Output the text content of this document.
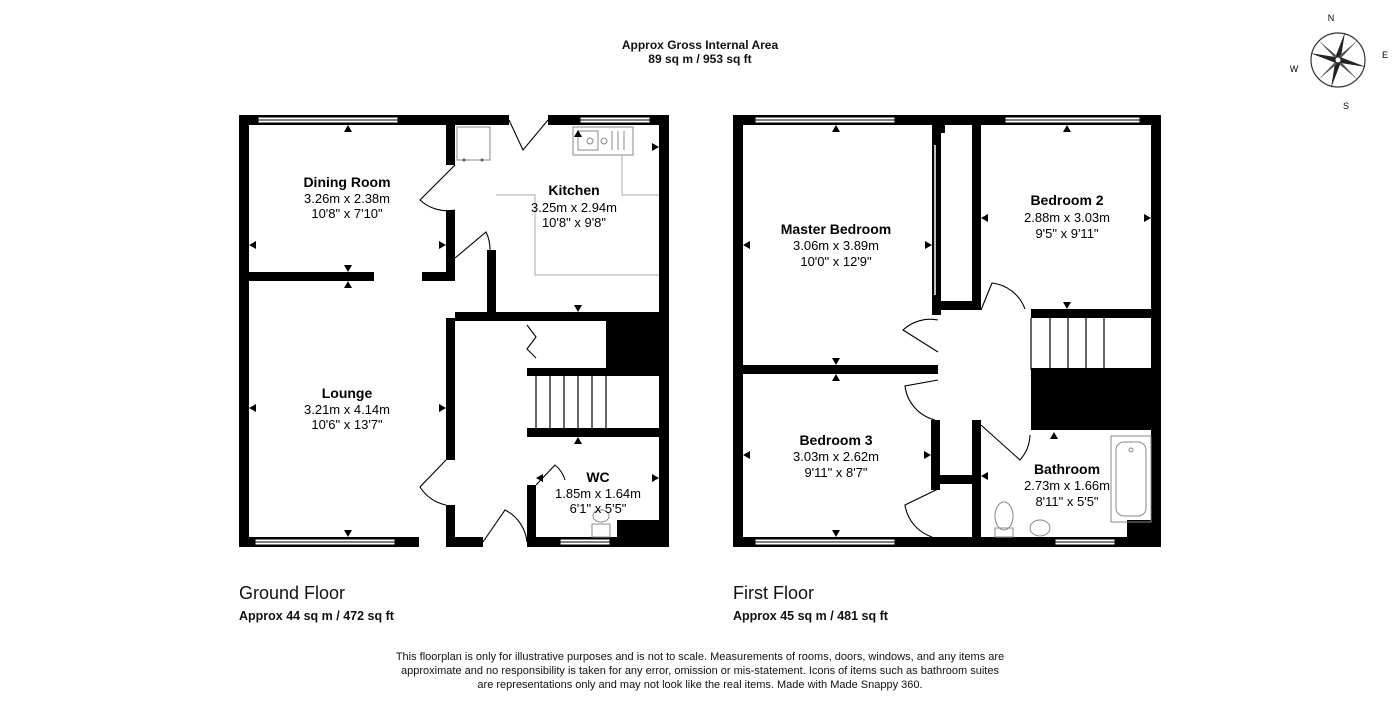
Approx Gross Internal Area
89 sq m / 953 sq ft
N
E
S
W
Dining Room
3.26m x 2.38m
10'8" x 7'10"
Kitchen
3.25m x 2.94m
10'8" x 9'8"
Lounge
3.21m x 4.14m
10'6" x 13'7"
WC
1.85m x 1.64m
6'1" x 5'5"
Master Bedroom
3.06m x 3.89m
10'0" x 12'9"
Bedroom 2
2.88m x 3.03m
9'5" x 9'11"
Bedroom 3
3.03m x 2.62m
9'11" x 8'7"	Bathroom
2.73m x 1.66m
8'11" x 5'5"
Ground Floor
Approx 44 sq m / 472 sq ft
First Floor
Approx 45 sq m / 481 sq ft
This floorplan is only for illustrative purposes and is not to scale. Measurements of rooms, doors, windows, and any items are
approximate and no responsibility is taken for any error, omission or mis-statement. Icons of items such as bathroom suites
are representations only and may not look like the real items. Made with Made Snappy 360.
